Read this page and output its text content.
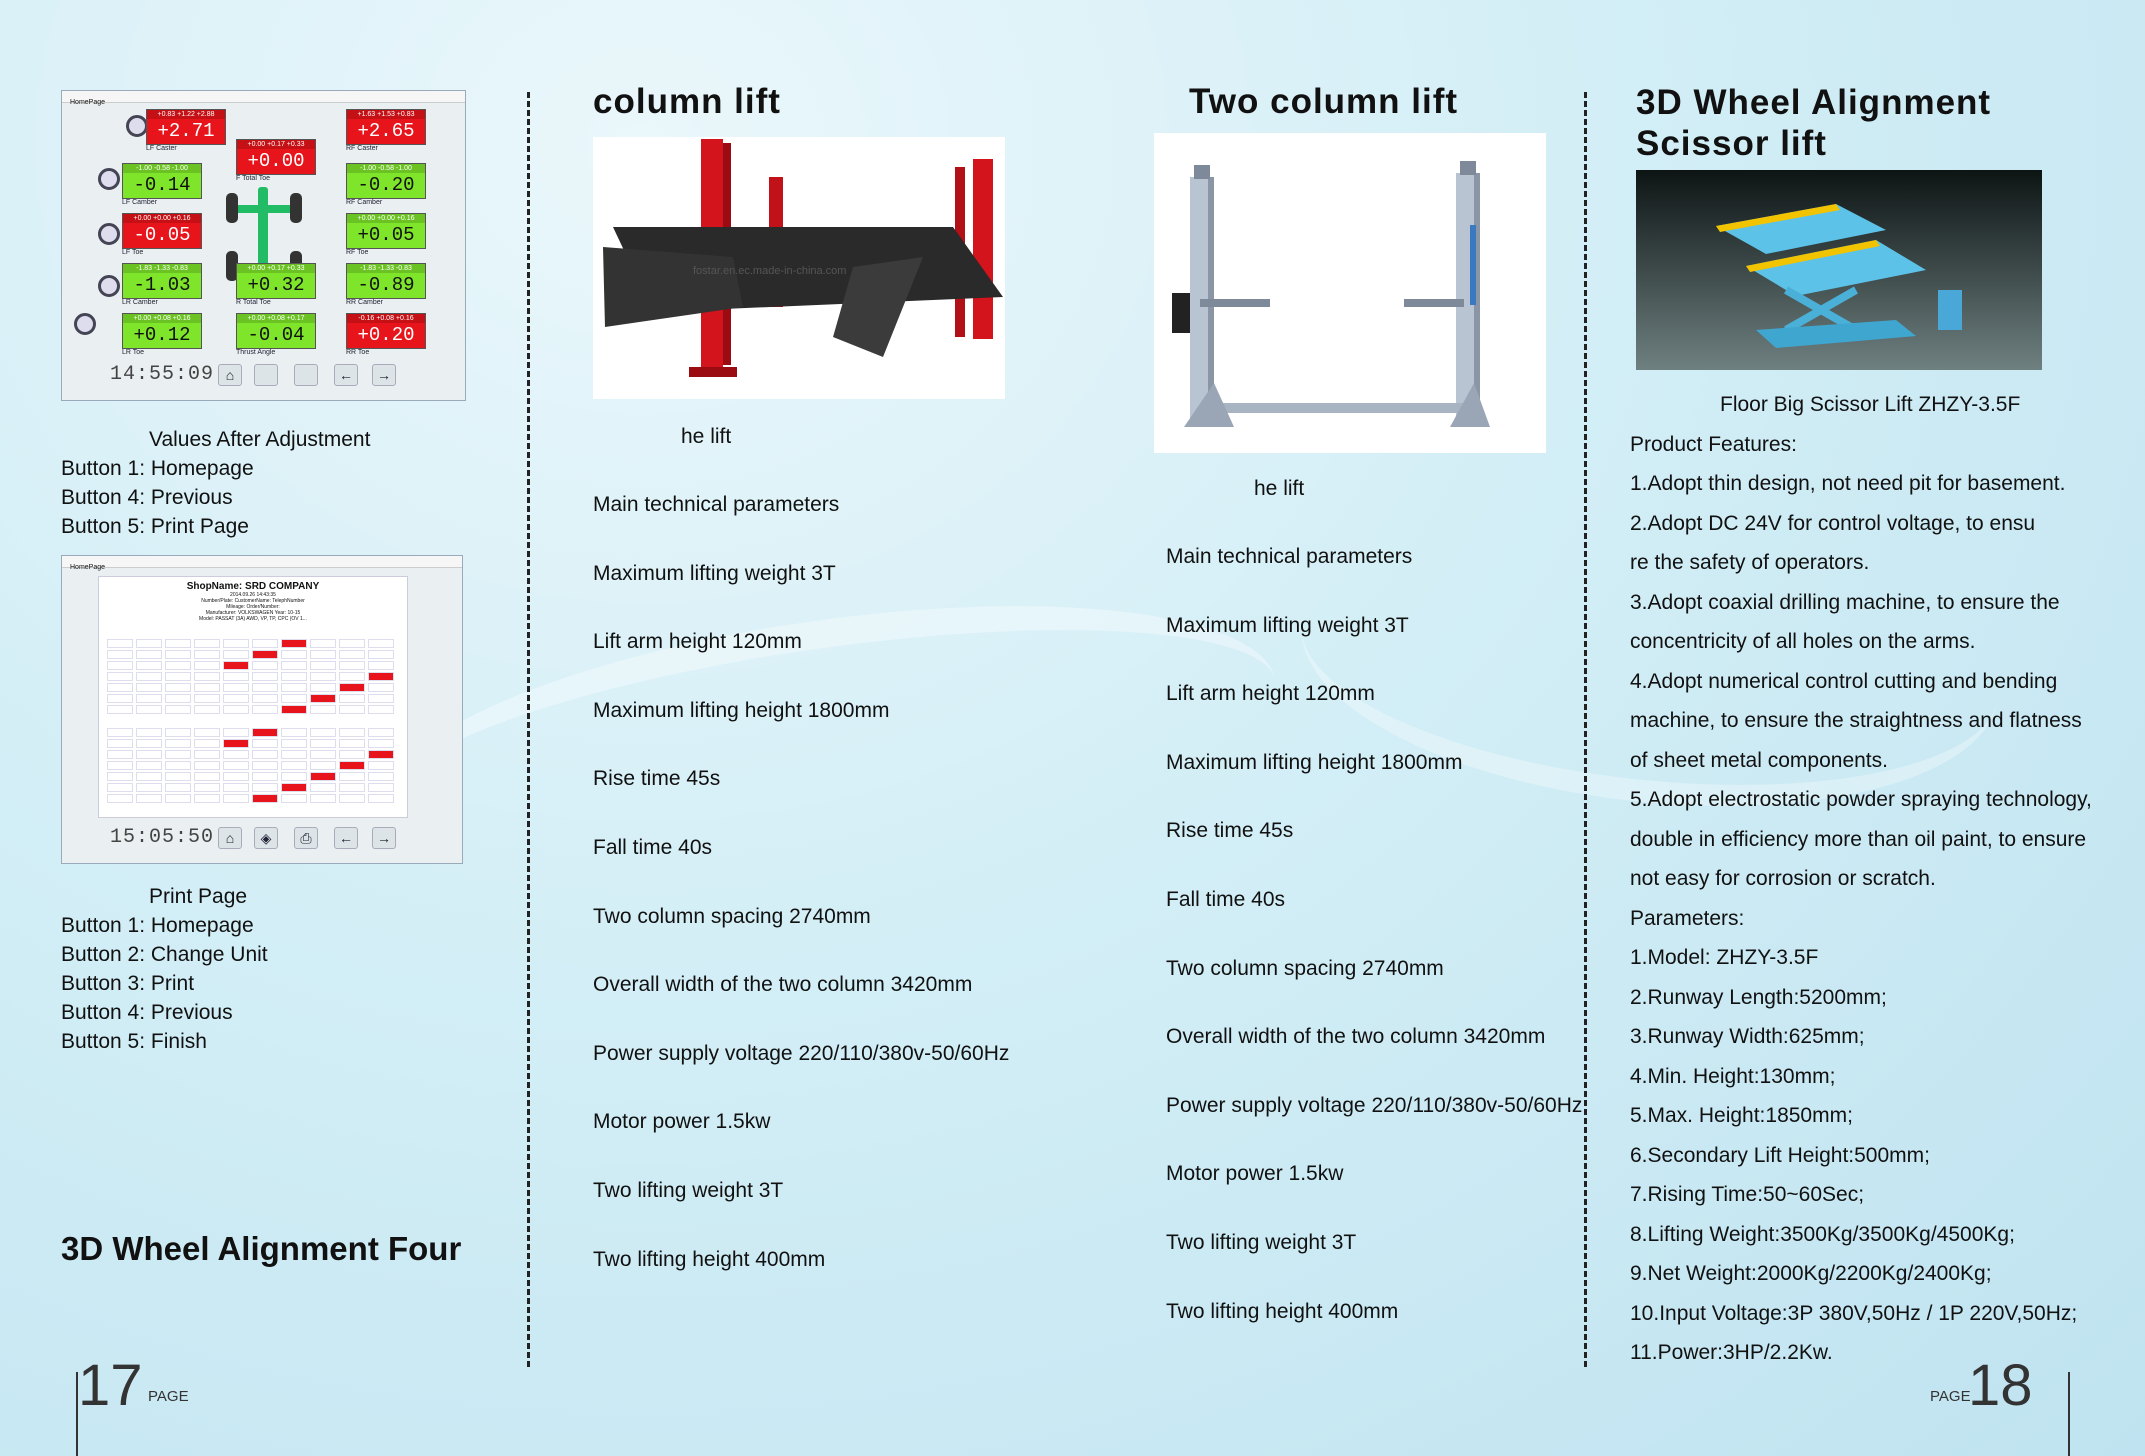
HomePage
14:55:09 ⌂	←	→
+0.83 +1.22 +2.88
+2.71
LF Caster
+1.63 +1.53 +0.83
+2.65
RF Caster
+0.00 +0.17 +0.33
+0.00
F Total Toe
-1.00 -0.58 -1.00
-0.14
LF Camber
-1.00 -0.58 -1.00
-0.20
RF Camber
+0.00 +0.00 +0.16
-0.05
LF Toe
+0.00 +0.00 +0.16
+0.05
RF Toe
+0.00 +0.17 +0.33
+0.32
R Total Toe
-1.83 -1.33 -0.83
-1.03
LR Camber
-1.83 -1.33 -0.83
-0.89
RR Camber
+0.00 +0.08 +0.16
+0.12
LR Toe
+0.00 +0.08 +0.17
-0.04
Thrust Angle
-0.16 +0.08 +0.16
+0.20
RR Toe
Values After Adjustment
Button 1: Homepage
Button 4: Previous
Button 5: Print Page
HomePage
ShopName: SRD COMPANY
2014.09.26 14:43:35
Number/Plate: CustomerName: TelephNumber
Mileage: Order/Number:
Manufacturer: VOLKSWAGEN Year: 10-15
Model: PASSAT (3A) AWD, VP, TP, CPC (OV 1...
15:05:50 ⌂	◈	⎙	←	→
Print Page
Button 1: Homepage
Button 2: Change Unit
Button 3: Print
Button 4: Previous
Button 5: Finish
3D Wheel Alignment Four
17 PAGE
column lift
fostar.en.ec.made-in-china.com
he lift
Main technical parameters
Maximum lifting weight 3T
Lift arm height 120mm
Maximum lifting height 1800mm
Rise time 45s
Fall time 40s
Two column spacing 2740mm
Overall width of the two column 3420mm
Power supply voltage 220/110/380v-50/60Hz
Motor power 1.5kw
Two lifting weight 3T
Two lifting height 400mm
Two column lift
he lift
Main technical parameters
Maximum lifting weight 3T
Lift arm height 120mm
Maximum lifting height 1800mm
Rise time 45s
Fall time 40s
Two column spacing 2740mm
Overall width of the two column 3420mm
Power supply voltage 220/110/380v-50/60Hz
Motor power 1.5kw
Two lifting weight 3T
Two lifting height 400mm
3D Wheel Alignment
Scissor lift
Floor Big Scissor Lift ZHZY-3.5F
Product Features:
1.Adopt thin design, not need pit for basement.
2.Adopt DC 24V for control voltage, to ensu
re the safety of operators.
3.Adopt coaxial drilling machine, to ensure the
concentricity of all holes on the arms.
4.Adopt numerical control cutting and bending
machine, to ensure the straightness and flatness
of sheet metal components.
5.Adopt electrostatic powder spraying technology,
double in efficiency more than oil paint, to ensure
not easy for corrosion or scratch.
Parameters:
1.Model: ZHZY-3.5F
2.Runway Length:5200mm;
3.Runway Width:625mm;
4.Min. Height:130mm;
5.Max. Height:1850mm;
6.Secondary Lift Height:500mm;
7.Rising Time:50~60Sec;
8.Lifting Weight:3500Kg/3500Kg/4500Kg;
9.Net Weight:2000Kg/2200Kg/2400Kg;
10.Input Voltage:3P 380V,50Hz / 1P 220V,50Hz;
11.Power:3HP/2.2Kw.
PAGE
18
